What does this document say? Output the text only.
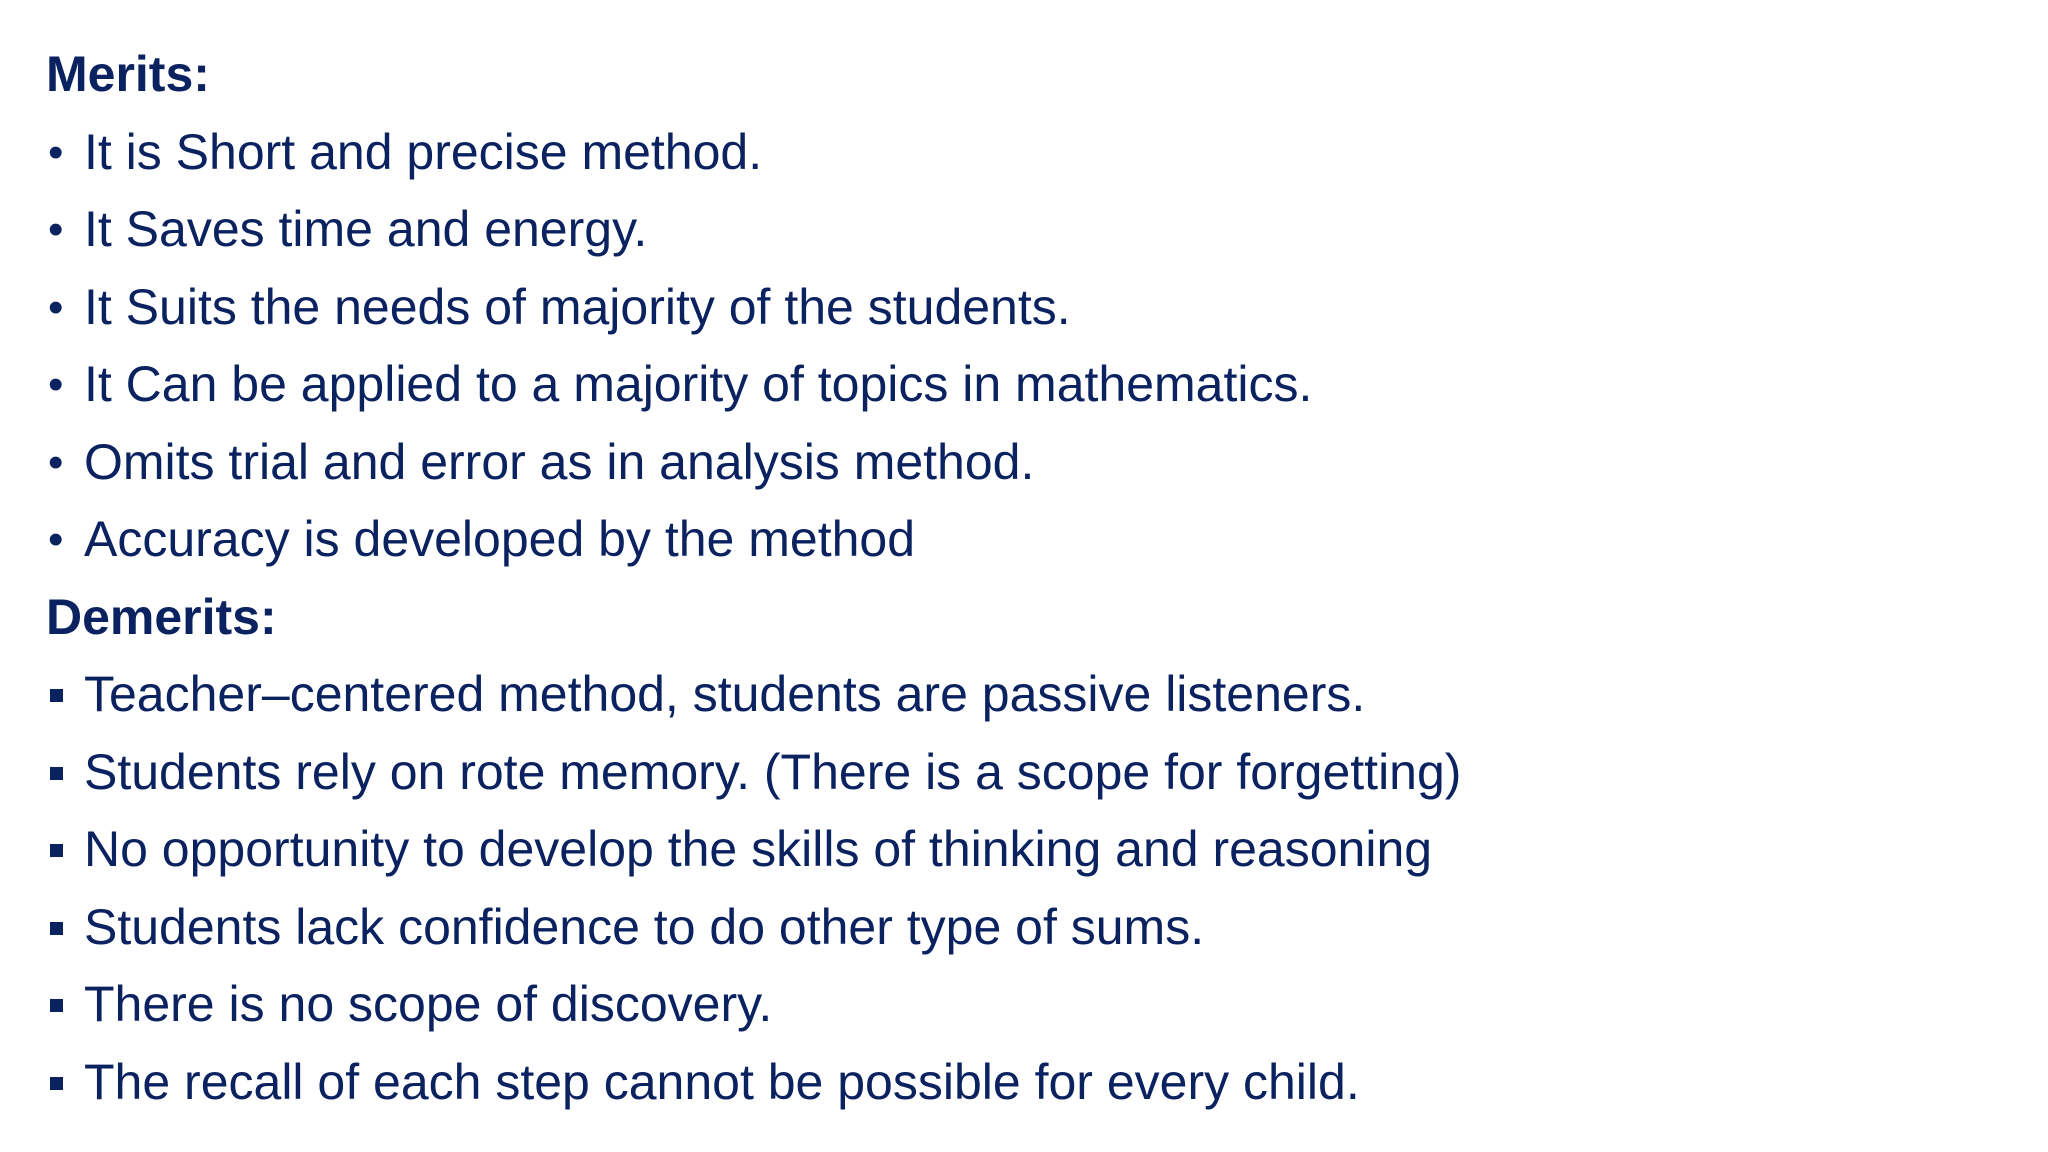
Merits:
• It is Short and precise method.
• It Saves time and energy.
• It Suits the needs of majority of the students.
• It Can be applied to a majority of topics in mathematics.
• Omits trial and error as in analysis method.
• Accuracy is developed by the method
Demerits:
Teacher–centered method, students are passive listeners.
Students rely on rote memory. (There is a scope for forgetting)
No opportunity to develop the skills of thinking and reasoning
Students lack confidence to do other type of sums.
There is no scope of discovery.
The recall of each step cannot be possible for every child.
